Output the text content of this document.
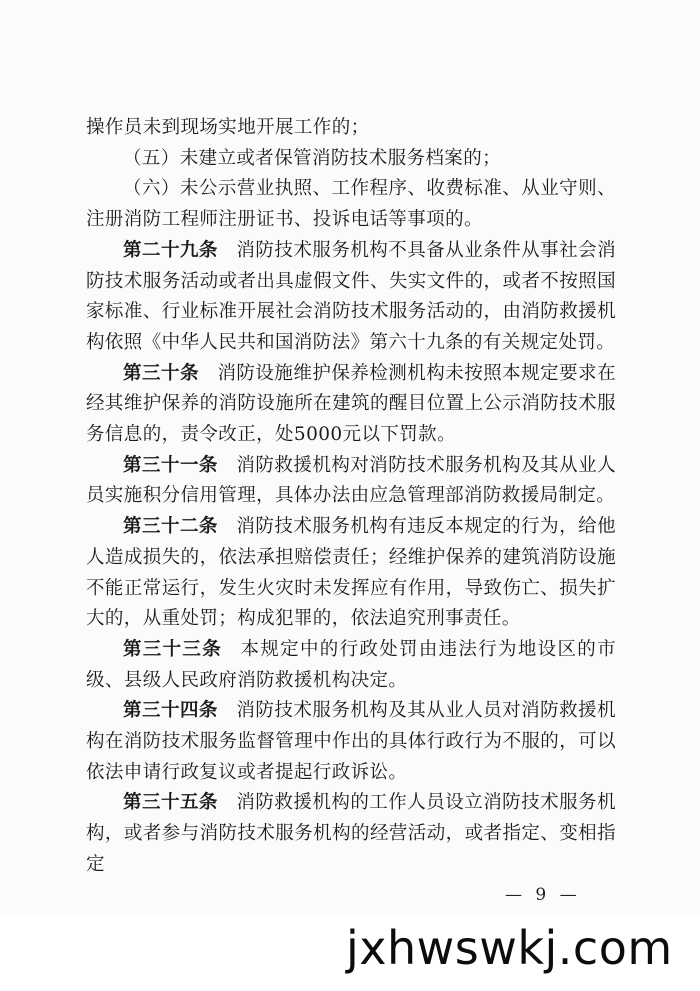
操作员未到现场实地开展工作的；

（五）未建立或者保管消防技术服务档案的；

（六）未公示营业执照、工作程序、收费标准、从业守则、注册消防工程师注册证书、投诉电话等事项的。

第二十九条 消防技术服务机构不具备从业条件从事社会消防技术服务活动或者出具虚假文件、失实文件的，或者不按照国家标准、行业标准开展社会消防技术服务活动的，由消防救援机构依照《中华人民共和国消防法》第六十九条的有关规定处罚。

第三十条 消防设施维护保养检测机构未按照本规定要求在经其维护保养的消防设施所在建筑的醒目位置上公示消防技术服务信息的，责令改正，处5000元以下罚款。

第三十一条 消防救援机构对消防技术服务机构及其从业人员实施积分信用管理，具体办法由应急管理部消防救援局制定。

第三十二条 消防技术服务机构有违反本规定的行为，给他人造成损失的，依法承担赔偿责任；经维护保养的建筑消防设施不能正常运行，发生火灾时未发挥应有作用，导致伤亡、损失扩大的，从重处罚；构成犯罪的，依法追究刑事责任。

第三十三条 本规定中的行政处罚由违法行为地设区的市级、县级人民政府消防救援机构决定。

第三十四条 消防技术服务机构及其从业人员对消防救援机构在消防技术服务监督管理中作出的具体行政行为不服的，可以依法申请行政复议或者提起行政诉讼。

第三十五条 消防救援机构的工作人员设立消防技术服务机构，或者参与消防技术服务机构的经营活动，或者指定、变相指定

— 9 —
jxhwswkj.com
